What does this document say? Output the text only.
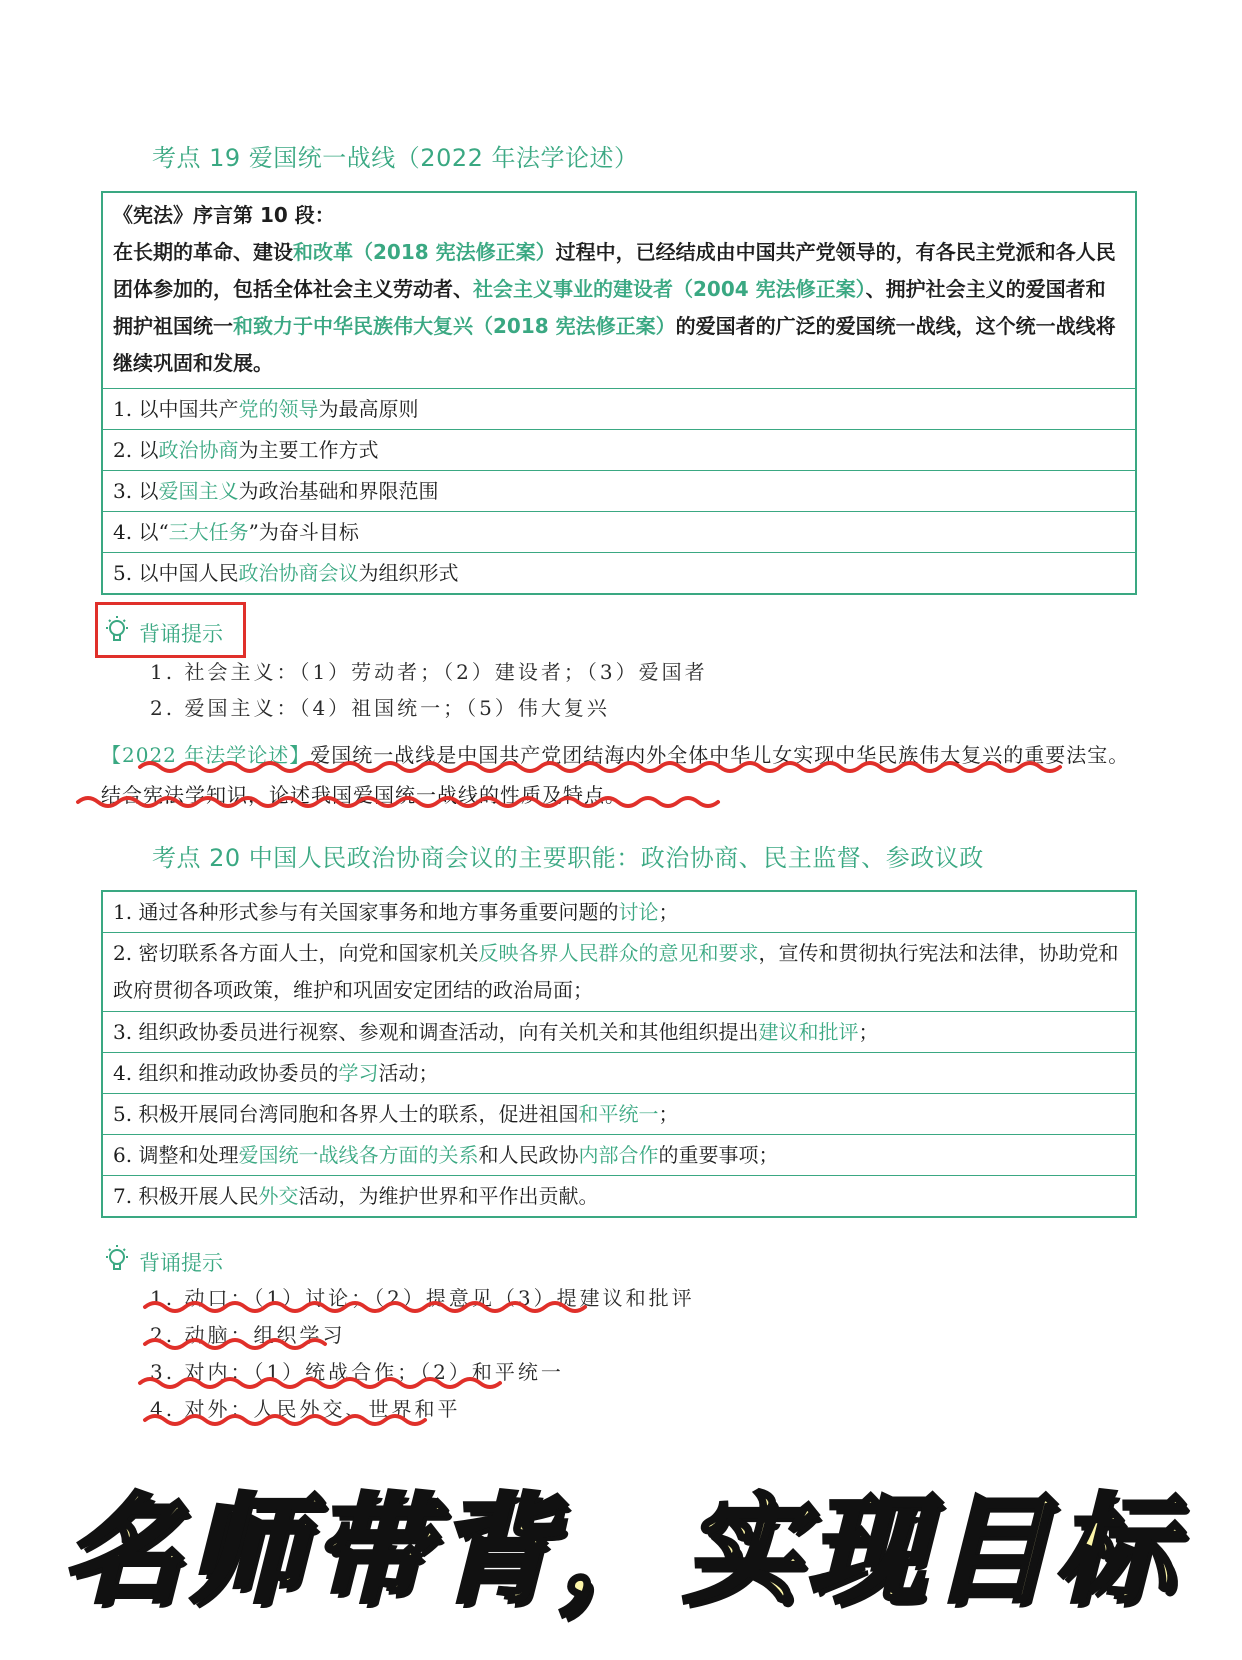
考点 19 爱国统一战线（2022 年法学论述）
《宪法》序言第 10 段：
在长期的革命、建设和改革（2018 宪法修正案）过程中，已经结成由中国共产党领导的，有各民主党派和各人民团体参加的，包括全体社会主义劳动者、社会主义事业的建设者（2004 宪法修正案）、拥护社会主义的爱国者和拥护祖国统一和致力于中华民族伟大复兴（2018 宪法修正案）的爱国者的广泛的爱国统一战线，这个统一战线将继续巩固和发展。
1. 以中国共产党的领导为最高原则
2. 以政治协商为主要工作方式
3. 以爱国主义为政治基础和界限范围
4. 以“三大任务”为奋斗目标
5. 以中国人民政治协商会议为组织形式
背诵提示
1. 社会主义：（1）劳动者；（2）建设者；（3）爱国者
2. 爱国主义：（4）祖国统一；（5）伟大复兴
【2022 年法学论述】爱国统一战线是中国共产党团结海内外全体中华儿女实现中华民族伟大复兴的重要法宝。结合宪法学知识，论述我国爱国统一战线的性质及特点。
考点 20 中国人民政治协商会议的主要职能：政治协商、民主监督、参政议政
1. 通过各种形式参与有关国家事务和地方事务重要问题的讨论；
2. 密切联系各方面人士，向党和国家机关反映各界人民群众的意见和要求，宣传和贯彻执行宪法和法律，协助党和政府贯彻各项政策，维护和巩固安定团结的政治局面；
3. 组织政协委员进行视察、参观和调查活动，向有关机关和其他组织提出建议和批评；
4. 组织和推动政协委员的学习活动；
5. 积极开展同台湾同胞和各界人士的联系，促进祖国和平统一；
6. 调整和处理爱国统一战线各方面的关系和人民政协内部合作的重要事项；
7. 积极开展人民外交活动，为维护世界和平作出贡献。
背诵提示
1. 动口：（1）讨论；（2）提意见（3）提建议和批评
2. 动脑：组织学习
3. 对内：（1）统战合作；（2）和平统一
4. 对外：人民外交、世界和平
名师带背，实现目标
